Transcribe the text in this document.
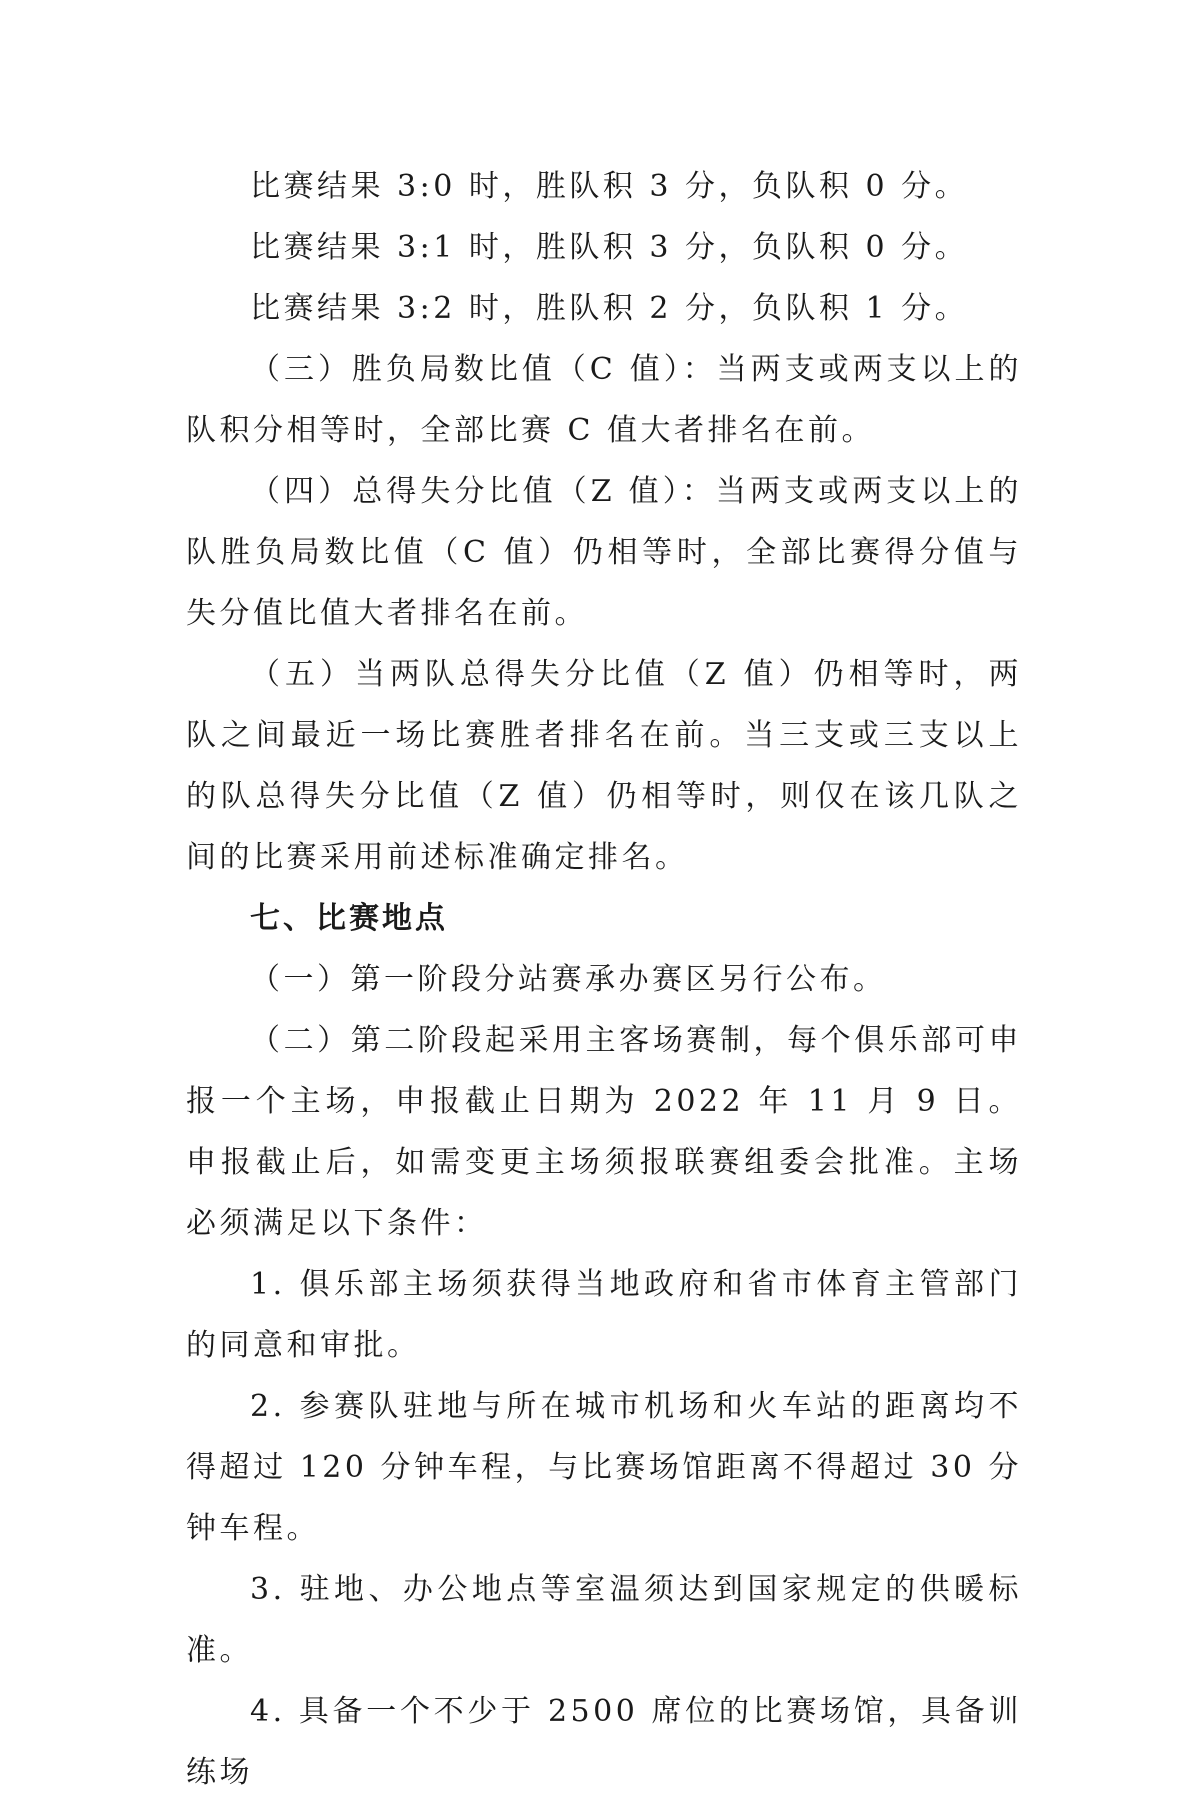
比赛结果 3:0 时，胜队积 3 分，负队积 0 分。

比赛结果 3:1 时，胜队积 3 分，负队积 0 分。

比赛结果 3:2 时，胜队积 2 分，负队积 1 分。

（三）胜负局数比值（C 值）：当两支或两支以上的队积分相等时，全部比赛 C 值大者排名在前。

（四）总得失分比值（Z 值）：当两支或两支以上的队胜负局数比值（C 值）仍相等时，全部比赛得分值与失分值比值大者排名在前。

（五）当两队总得失分比值（Z 值）仍相等时，两队之间最近一场比赛胜者排名在前。当三支或三支以上的队总得失分比值（Z 值）仍相等时，则仅在该几队之间的比赛采用前述标准确定排名。

七、比赛地点

（一）第一阶段分站赛承办赛区另行公布。

（二）第二阶段起采用主客场赛制，每个俱乐部可申报一个主场，申报截止日期为 2022 年 11 月 9 日。申报截止后，如需变更主场须报联赛组委会批准。主场必须满足以下条件：

1. 俱乐部主场须获得当地政府和省市体育主管部门的同意和审批。

2. 参赛队驻地与所在城市机场和火车站的距离均不得超过 120 分钟车程，与比赛场馆距离不得超过 30 分钟车程。

3. 驻地、办公地点等室温须达到国家规定的供暖标准。

4. 具备一个不少于 2500 席位的比赛场馆，具备训练场
